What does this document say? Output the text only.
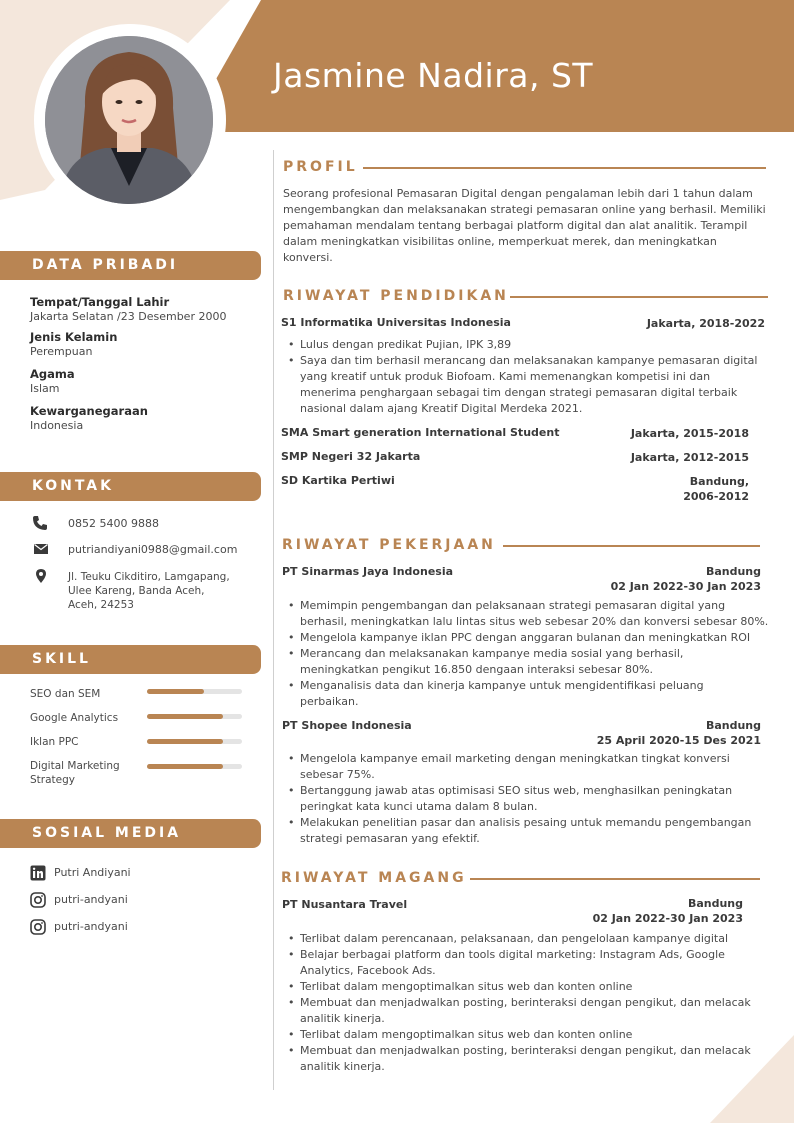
Jasmine Nadira, ST
DATA PRIBADI
Tempat/Tanggal Lahir
Jakarta Selatan /23 Desember 2000
Jenis Kelamin
Perempuan
Agama
Islam
Kewarganegaraan
Indonesia
KONTAK
0852 5400 9888
putriandiyani0988@gmail.com
Jl. Teuku Cikditiro, Lamgapang,
Ulee Kareng, Banda Aceh,
Aceh, 24253
SKILL
SEO dan SEM
Google Analytics
Iklan PPC
Digital Marketing Strategy
SOSIAL MEDIA
Putri Andiyani
putri-andyani
putri-andyani
PROFIL
Seorang profesional Pemasaran Digital dengan pengalaman lebih dari 1 tahun dalam
mengembangkan dan melaksanakan strategi pemasaran online yang berhasil. Memiliki
pemahaman mendalam tentang berbagai platform digital dan alat analitik. Terampil
dalam meningkatkan visibilitas online, memperkuat merek, dan meningkatkan
konversi.
RIWAYAT PENDIDIKAN
S1 Informatika Universitas Indonesia	Jakarta, 2018-2022
• Lulus dengan predikat Pujian, IPK 3,89
• Saya dan tim berhasil merancang dan melaksanakan kampanye pemasaran digital
yang kreatif untuk produk Biofoam. Kami memenangkan kompetisi ini dan
menerima penghargaan sebagai tim dengan strategi pemasaran digital terbaik
nasional dalam ajang Kreatif Digital Merdeka 2021.
SMA Smart generation International Student	Jakarta, 2015-2018
SMP Negeri 32 Jakarta	Jakarta, 2012-2015
SD Kartika Pertiwi	Bandung,
2006-2012
RIWAYAT PEKERJAAN
PT Sinarmas Jaya Indonesia	Bandung
02 Jan 2022-30 Jan 2023
• Memimpin pengembangan dan pelaksanaan strategi pemasaran digital yang
berhasil, meningkatkan lalu lintas situs web sebesar 20% dan konversi sebesar 80%.
• Mengelola kampanye iklan PPC dengan anggaran bulanan dan meningkatkan ROI
• Merancang dan melaksanakan kampanye media sosial yang berhasil,
meningkatkan pengikut 16.850 dengaan interaksi sebesar 80%.
• Menganalisis data dan kinerja kampanye untuk mengidentifikasi peluang
perbaikan.
PT Shopee Indonesia	Bandung
25 April 2020-15 Des 2021
• Mengelola kampanye email marketing dengan meningkatkan tingkat konversi
sebesar 75%.
• Bertanggung jawab atas optimisasi SEO situs web, menghasilkan peningkatan
peringkat kata kunci utama dalam 8 bulan.
• Melakukan penelitian pasar dan analisis pesaing untuk memandu pengembangan
strategi pemasaran yang efektif.
RIWAYAT MAGANG
PT Nusantara Travel	Bandung
02 Jan 2022-30 Jan 2023
• Terlibat dalam perencanaan, pelaksanaan, dan pengelolaan kampanye digital
• Belajar berbagai platform dan tools digital marketing: Instagram Ads, Google
Analytics, Facebook Ads.
• Terlibat dalam mengoptimalkan situs web dan konten online
• Membuat dan menjadwalkan posting, berinteraksi dengan pengikut, dan melacak
analitik kinerja.
• Terlibat dalam mengoptimalkan situs web dan konten online
• Membuat dan menjadwalkan posting, berinteraksi dengan pengikut, dan melacak
analitik kinerja.
